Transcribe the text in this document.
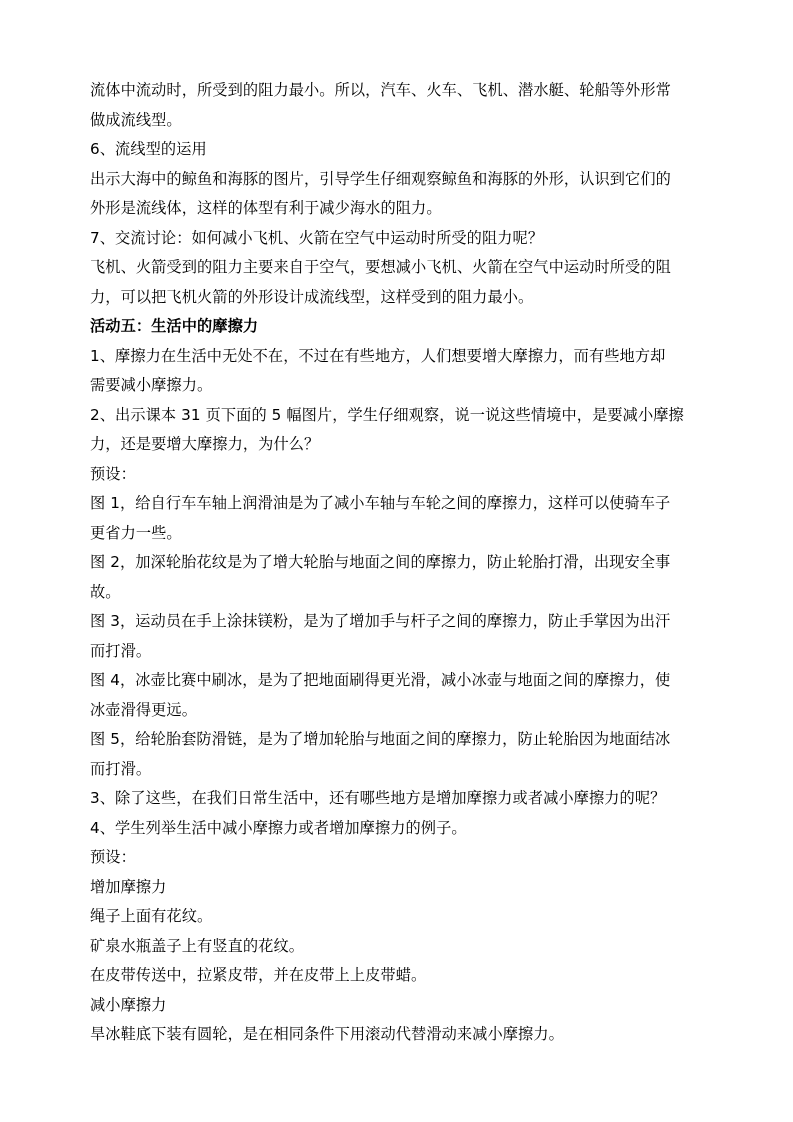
流体中流动时，所受到的阻力最小。所以，汽车、火车、飞机、潜水艇、轮船等外形常
做成流线型。
6、流线型的运用
出示大海中的鲸鱼和海豚的图片，引导学生仔细观察鲸鱼和海豚的外形，认识到它们的
外形是流线体，这样的体型有利于减少海水的阻力。
7、交流讨论：如何减小飞机、火箭在空气中运动时所受的阻力呢？
飞机、火箭受到的阻力主要来自于空气，要想减小飞机、火箭在空气中运动时所受的阻
力，可以把飞机火箭的外形设计成流线型，这样受到的阻力最小。
活动五：生活中的摩擦力
1、摩擦力在生活中无处不在，不过在有些地方，人们想要增大摩擦力，而有些地方却
需要减小摩擦力。
2、出示课本 31 页下面的 5 幅图片，学生仔细观察，说一说这些情境中，是要减小摩擦
力，还是要增大摩擦力，为什么？
预设：
图 1，给自行车车轴上润滑油是为了减小车轴与车轮之间的摩擦力，这样可以使骑车子
更省力一些。
图 2，加深轮胎花纹是为了增大轮胎与地面之间的摩擦力，防止轮胎打滑，出现安全事
故。
图 3，运动员在手上涂抹镁粉，是为了增加手与杆子之间的摩擦力，防止手掌因为出汗
而打滑。
图 4，冰壶比赛中刷冰，是为了把地面刷得更光滑，减小冰壶与地面之间的摩擦力，使
冰壶滑得更远。
图 5，给轮胎套防滑链，是为了增加轮胎与地面之间的摩擦力，防止轮胎因为地面结冰
而打滑。
3、除了这些，在我们日常生活中，还有哪些地方是增加摩擦力或者减小摩擦力的呢？
4、学生列举生活中减小摩擦力或者增加摩擦力的例子。
预设：
增加摩擦力
绳子上面有花纹。
矿泉水瓶盖子上有竖直的花纹。
在皮带传送中，拉紧皮带，并在皮带上上皮带蜡。
减小摩擦力
旱冰鞋底下装有圆轮，是在相同条件下用滚动代替滑动来减小摩擦力。
